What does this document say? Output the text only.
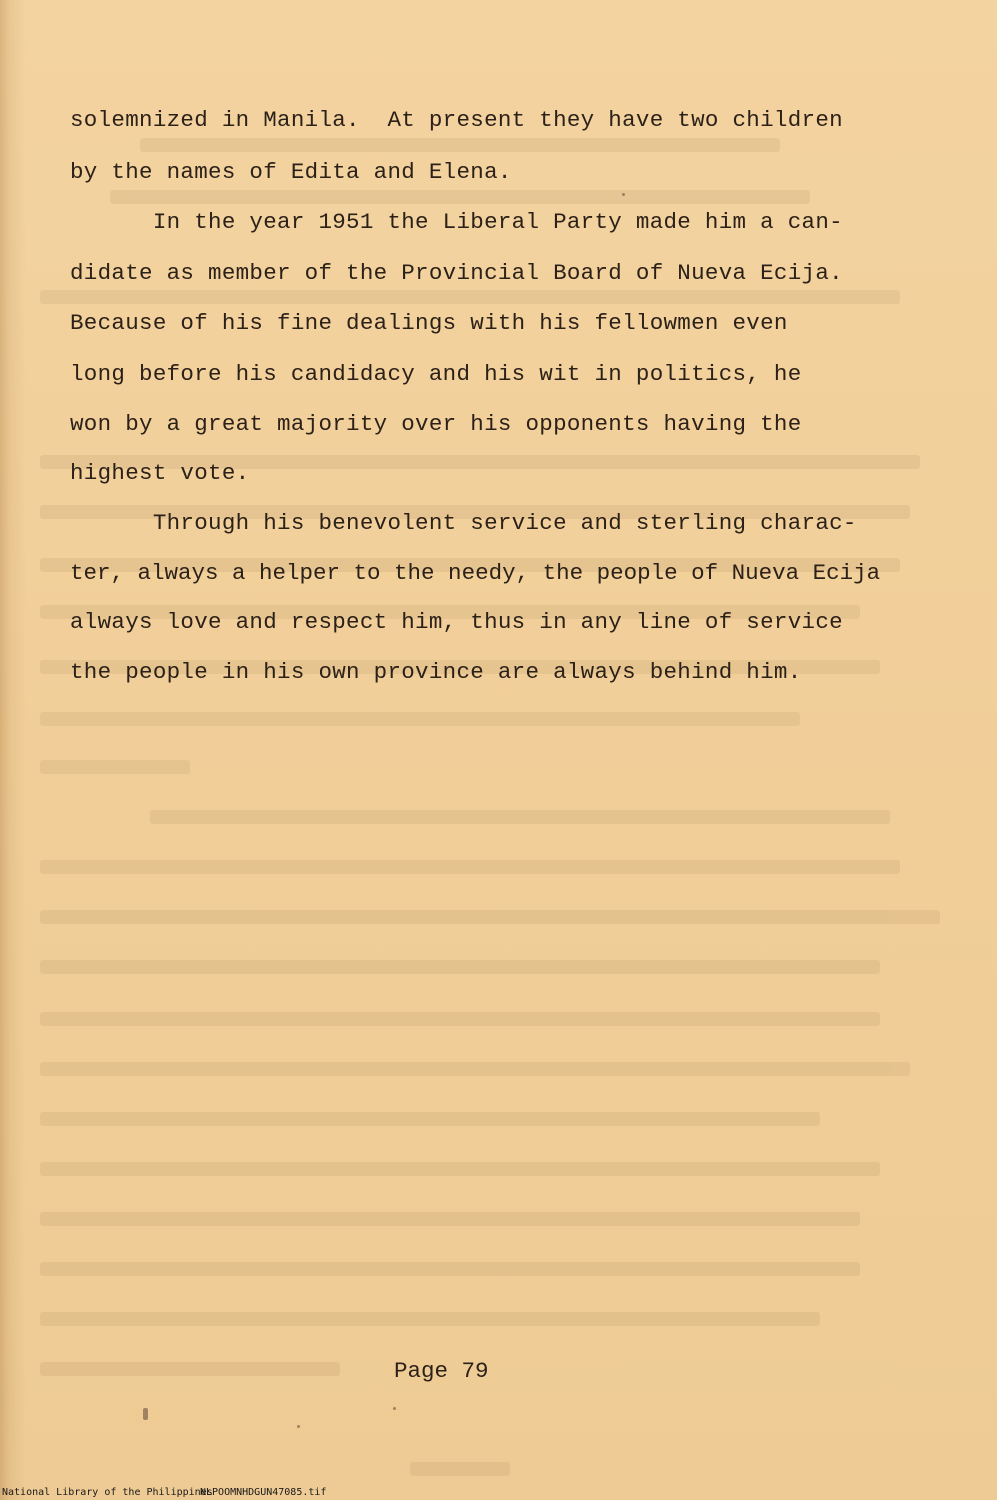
solemnized in Manila.  At present they have two children
by the names of Edita and Elena.
In the year 1951 the Liberal Party made him a can-
didate as member of the Provincial Board of Nueva Ecija.
Because of his fine dealings with his fellowmen even
long before his candidacy and his wit in politics, he
won by a great majority over his opponents having the
highest vote.
Through his benevolent service and sterling charac-
ter, always a helper to the needy, the people of Nueva Ecija
always love and respect him, thus in any line of service
the people in his own province are always behind him.
Page 79
National Library of the Philippines
NLPOOMNHDGUN47085.tif
